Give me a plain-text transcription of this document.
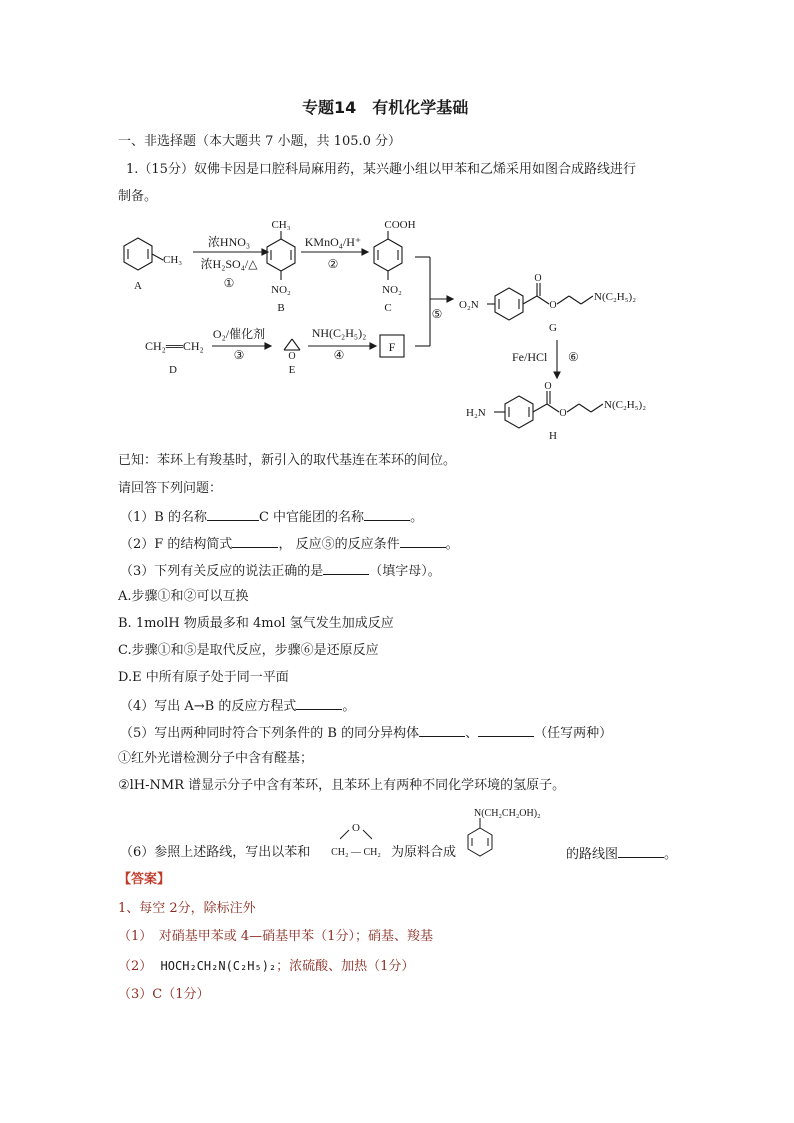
专题14　有机化学基础
一、非选择题（本大题共 7 小题，共 105.0 分）
1.（15分）奴佛卡因是口腔科局麻用药，某兴趣小组以甲苯和乙烯采用如图合成路线进行
制备。
A
CH₃
浓HNO₃
浓H₂SO₄/△
①
CH₃
NO₂
B
KMnO₄/H⁺
②
COOH
NO₂
C	⑤
CH₂══CH₂
D
O₂/催化剂
③	O
E
NH(C₂H₅)₂
④
F
O₂N
O
O
N(C₂H₅)₂
G
Fe/HCl ⑥
H₂N
O
O
N(C₂H₅)₂
H
已知：苯环上有羧基时，新引入的取代基连在苯环的间位。
请回答下列问题：
（1）B 的名称	C 中官能团的名称	。
（2）F 的结构简式	， 反应⑤的反应条件	。
（3）下列有关反应的说法正确的是	（填字母）。
A.步骤①和②可以互换
B. 1molH 物质最多和 4mol 氢气发生加成反应
C.步骤①和⑤是取代反应，步骤⑥是还原反应
D.E 中所有原子处于同一平面
（4）写出 A→B 的反应方程式	。
（5）写出两种同时符合下列条件的 B 的同分异构体	、	（任写两种）
①红外光谱检测分子中含有醛基；
②lH-NMR 谱显示分子中含有苯环，且苯环上有两种不同化学环境的氢原子。
（6）参照上述路线，写出以苯和
O
CH₂ — CH₂ 为原料合成
N(CH₂CH₂OH)₂
的路线图	。
【答案】
1、每空 2分，除标注外
（1）　对硝基甲苯或 4—硝基甲苯（1分）；硝基、羧基
（2） HOCH₂CH₂N(C₂H₅)₂；浓硫酸、加热（1分）
（3）C（1分）
